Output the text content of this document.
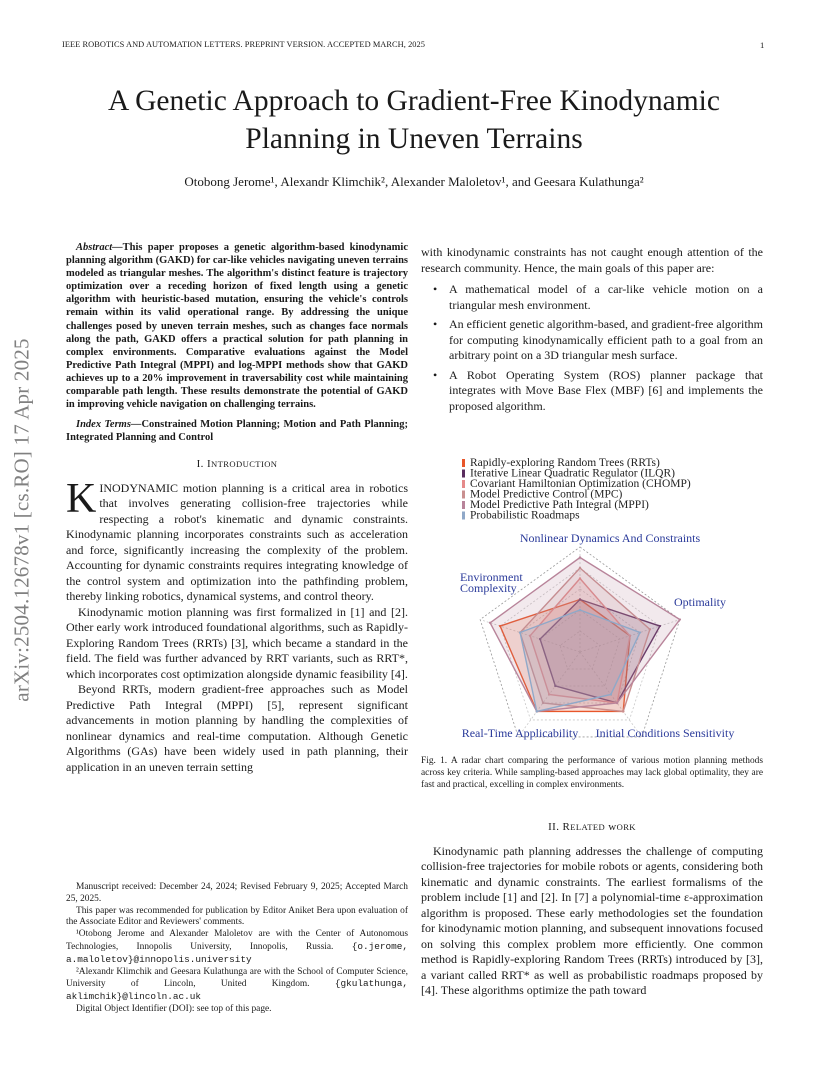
IEEE ROBOTICS AND AUTOMATION LETTERS. PREPRINT VERSION. ACCEPTED MARCH, 2025	1
A Genetic Approach to Gradient-Free Kinodynamic
Planning in Uneven Terrains
Otobong Jerome¹, Alexandr Klimchik², Alexander Maloletov¹, and Geesara Kulathunga²
arXiv:2504.12678v1 [cs.RO] 17 Apr 2025

Abstract—This paper proposes a genetic algorithm-based kinodynamic planning algorithm (GAKD) for car-like vehicles navigating uneven terrains modeled as triangular meshes. The algorithm's distinct feature is trajectory optimization over a receding horizon of fixed length using a genetic algorithm with heuristic-based mutation, ensuring the vehicle's controls remain within its valid operational range. By addressing the unique challenges posed by uneven terrain meshes, such as changes face normals along the path, GAKD offers a practical solution for path planning in complex environments. Comparative evaluations against the Model Predictive Path Integral (MPPI) and log-MPPI methods show that GAKD achieves up to a 20% improvement in traversability cost while maintaining comparable path length. These results demonstrate the potential of GAKD in improving vehicle navigation on challenging terrains.

Index Terms—Constrained Motion Planning; Motion and Path Planning; Integrated Planning and Control

I. INTRODUCTION

KINODYNAMIC motion planning is a critical area in robotics that involves generating collision-free trajectories while respecting a robot's kinematic and dynamic constraints. Kinodynamic planning incorporates constraints such as acceleration and force, significantly increasing the complexity of the problem. Accounting for dynamic constraints requires integrating knowledge of the control system and optimization into the pathfinding problem, thereby linking robotics, dynamical systems, and control theory.

Kinodynamic motion planning was first formalized in [1] and [2]. Other early work introduced foundational algorithms, such as Rapidly-Exploring Random Trees (RRTs) [3], which became a standard in the field. The field was further advanced by RRT variants, such as RRT*, which incorporates cost optimization alongside dynamic feasibility [4].

Beyond RRTs, modern gradient-free approaches such as Model Predictive Path Integral (MPPI) [5], represent significant advancements in motion planning by handling the complexities of nonlinear dynamics and real-time computation. Although Genetic Algorithms (GAs) have been widely used in path planning, their application in an uneven terrain setting

Manuscript received: December 24, 2024; Revised February 9, 2025; Accepted March 25, 2025.

This paper was recommended for publication by Editor Aniket Bera upon evaluation of the Associate Editor and Reviewers' comments.

¹Otobong Jerome and Alexander Maloletov are with the Center of Autonomous Technologies, Innopolis University, Innopolis, Russia. {o.jerome, a.maloletov}@innopolis.university

²Alexandr Klimchik and Geesara Kulathunga are with the School of Computer Science, University of Lincoln, United Kingdom.	{gkulathunga, aklimchik}@lincoln.ac.uk

Digital Object Identifier (DOI): see top of this page.

with kinodynamic constraints has not caught enough attention of the research community. Hence, the main goals of this paper are:

• A mathematical model of a car-like vehicle motion on a triangular mesh environment.
• An efficient genetic algorithm-based, and gradient-free algorithm for computing kinodynamically efficient path to a goal from an arbitrary point on a 3D triangular mesh surface.
• A Robot Operating System (ROS) planner package that integrates with Move Base Flex (MBF) [6] and implements the proposed algorithm.
Rapidly-exploring Random Trees (RRTs)
Iterative Linear Quadratic Regulator (ILQR)
Covariant Hamiltonian Optimization (CHOMP)
Model Predictive Control (MPC)
Model Predictive Path Integral (MPPI)
Probabilistic Roadmaps
Nonlinear Dynamics And Constraints
Optimality
Initial Conditions Sensitivity
Real-Time Applicability
Environment
Complexity
Fig. 1. A radar chart comparing the performance of various motion planning methods across key criteria. While sampling-based approaches may lack global optimality, they are fast and practical, excelling in complex environments.
II. RELATED wORK

Kinodynamic path planning addresses the challenge of computing collision-free trajectories for mobile robots or agents, considering both kinematic and dynamic constraints. The earliest formalisms of the problem include [1] and [2]. In [7] a polynomial-time ε-approximation algorithm is proposed. These early methodologies set the foundation for kinodynamic motion planning, and subsequent innovations focused on solving this complex problem more efficiently. One common method is Rapidly-exploring Random Trees (RRTs) introduced by [3], a variant called RRT* as well as probabilistic roadmaps proposed by [4]. These algorithms optimize the path toward
